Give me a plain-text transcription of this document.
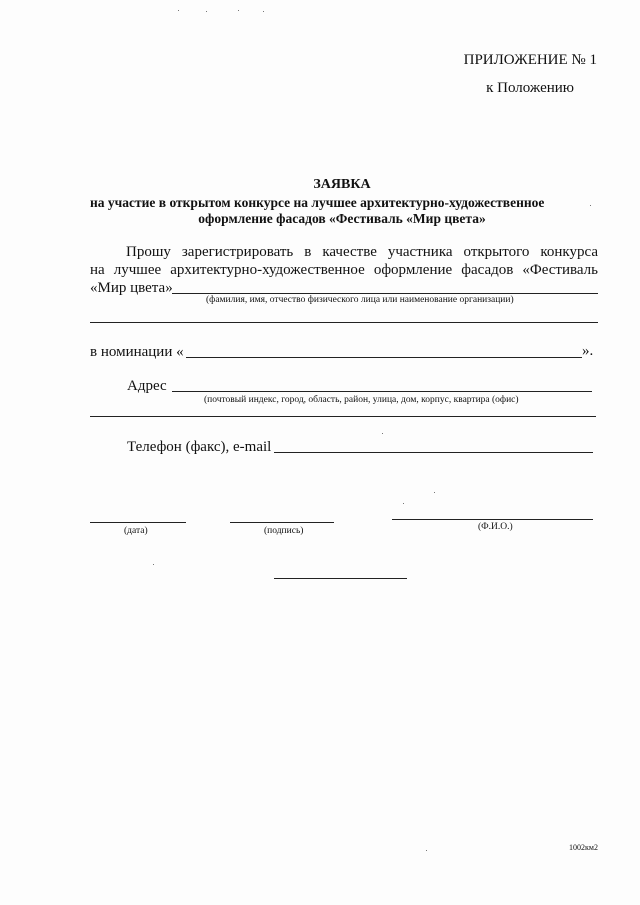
ПРИЛОЖЕНИЕ № 1
к Положению
ЗАЯВКА
на участие в открытом конкурсе на лучшее архитектурно-художественное
оформление фасадов «Фестиваль «Мир цвета»
Прошу зарегистрировать в качестве участника открытого конкурса
на лучшее архитектурно-художественное оформление фасадов «Фестиваль
«Мир цвета»
(фамилия, имя, отчество физического лица или наименование организации)
в номинации «	».
Адрес
(почтовый индекс, город, область, район, улица, дом, корпус, квартира (офис)
Телефон (факс), e-mail
(дата)	(подпись)	(Ф.И.О.)
1002км2
